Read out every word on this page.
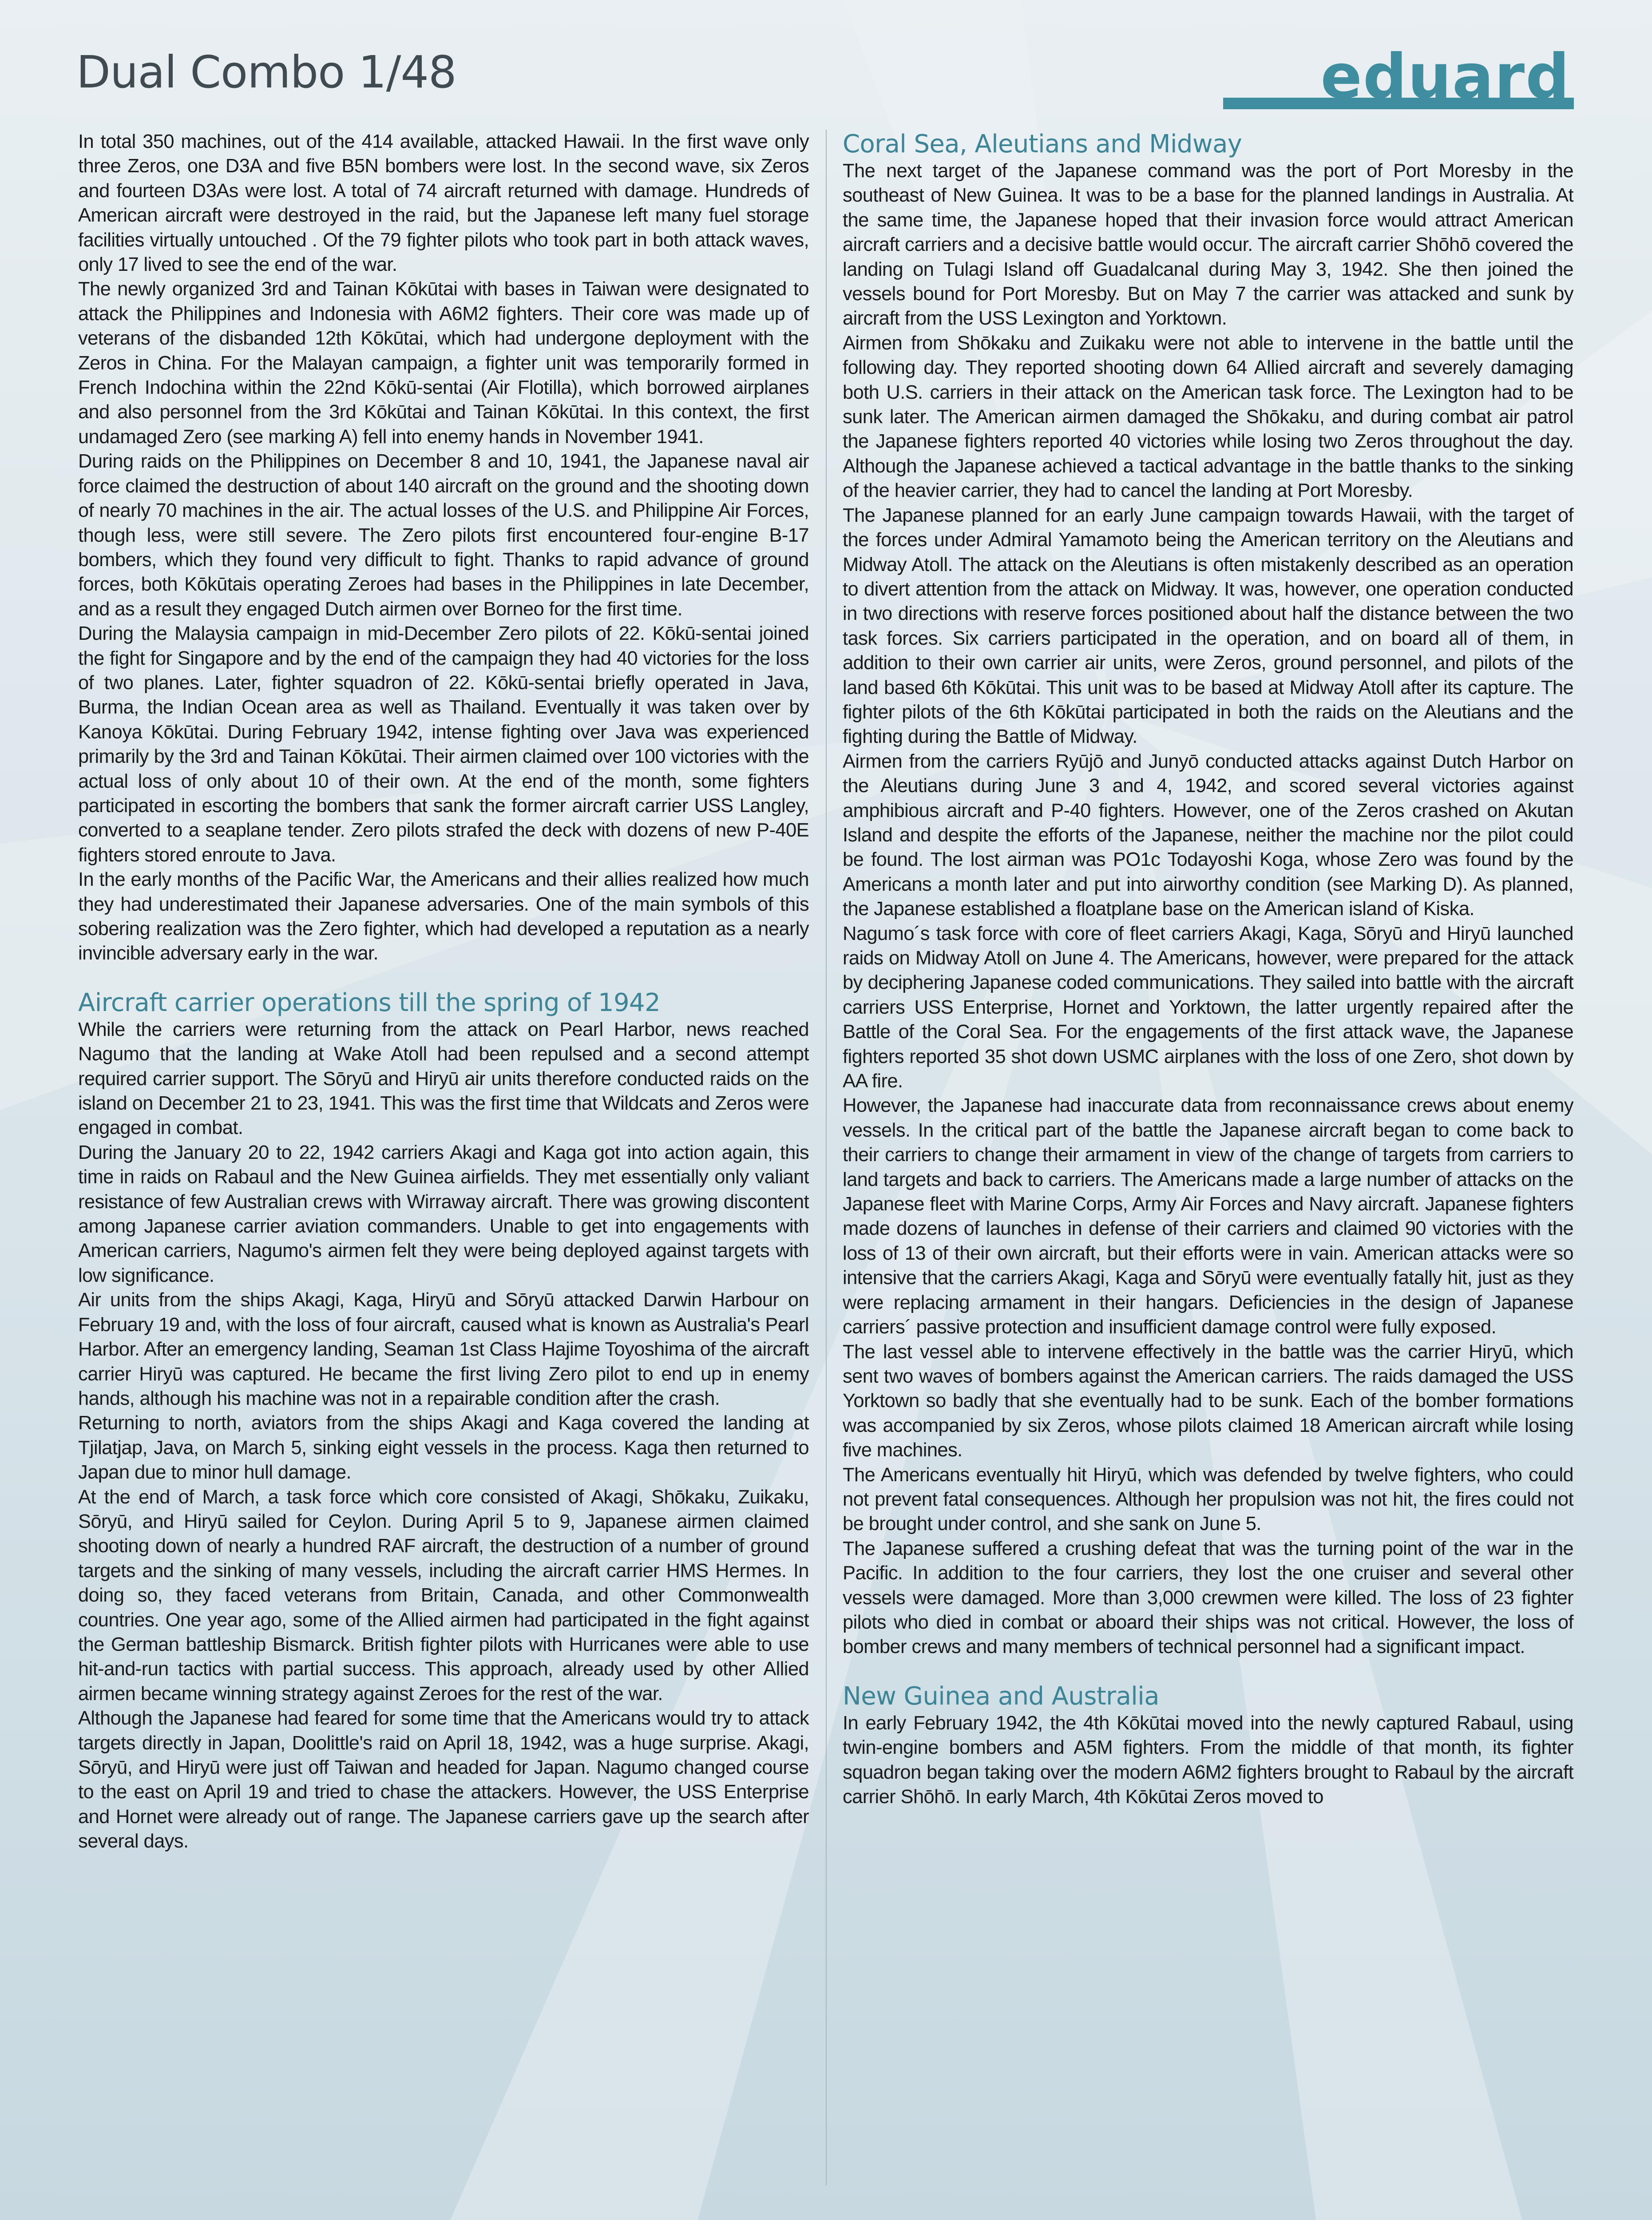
Dual Combo 1/48	eduard

In total 350 machines, out of the 414 available, attacked Hawaii. In the first wave only three Zeros, one D3A and five B5N bombers were lost. In the second wave, six Zeros and fourteen D3As were lost. A total of 74 aircraft returned with damage. Hundreds of American aircraft were destroyed in the raid, but the Japanese left many fuel storage facilities virtually untouched . Of the 79 fighter pilots who took part in both attack waves, only 17 lived to see the end of the war.

The newly organized 3rd and Tainan Kōkūtai with bases in Taiwan were designated to attack the Philippines and Indonesia with A6M2 fighters. Their core was made up of veterans of the disbanded 12th Kōkūtai, which had undergone deployment with the Zeros in China. For the Malayan campaign, a fighter unit was temporarily formed in French Indochina within the 22nd Kōkū-sentai (Air Flotilla), which borrowed airplanes and also personnel from the 3rd Kōkūtai and Tainan Kōkūtai. In this context, the first undamaged Zero (see marking A) fell into enemy hands in November 1941.

During raids on the Philippines on December 8 and 10, 1941, the Japanese naval air force claimed the destruction of about 140 aircraft on the ground and the shooting down of nearly 70 machines in the air. The actual losses of the U.S. and Philippine Air Forces, though less, were still severe. The Zero pilots first encountered four-engine B-17 bombers, which they found very difficult to fight. Thanks to rapid advance of ground forces, both Kōkūtais operating Zeroes had bases in the Philippines in late December, and as a result they engaged Dutch airmen over Borneo for the first time.

During the Malaysia campaign in mid-December Zero pilots of 22. Kōkū-sentai joined the fight for Singapore and by the end of the campaign they had 40 victories for the loss of two planes. Later, fighter squadron of 22. Kōkū-sentai briefly operated in Java, Burma, the Indian Ocean area as well as Thailand. Eventually it was taken over by Kanoya Kōkūtai. During February 1942, intense fighting over Java was experienced primarily by the 3rd and Tainan Kōkūtai. Their airmen claimed over 100 victories with the actual loss of only about 10 of their own. At the end of the month, some fighters participated in escorting the bombers that sank the former aircraft carrier USS Langley, converted to a seaplane tender. Zero pilots strafed the deck with dozens of new P-40E fighters stored enroute to Java.

In the early months of the Pacific War, the Americans and their allies realized how much they had underestimated their Japanese adversaries. One of the main symbols of this sobering realization was the Zero fighter, which had developed a reputation as a nearly invincible adversary early in the war.

Aircraft carrier operations till the spring of 1942

While the carriers were returning from the attack on Pearl Harbor, news reached Nagumo that the landing at Wake Atoll had been repulsed and a second attempt required carrier support. The Sōryū and Hiryū air units therefore conducted raids on the island on December 21 to 23, 1941. This was the first time that Wildcats and Zeros were engaged in combat.

During the January 20 to 22, 1942 carriers Akagi and Kaga got into action again, this time in raids on Rabaul and the New Guinea airfields. They met essentially only valiant resistance of few Australian crews with Wirraway aircraft. There was growing discontent among Japanese carrier aviation commanders. Unable to get into engagements with American carriers, Nagumo's airmen felt they were being deployed against targets with low significance.

Air units from the ships Akagi, Kaga, Hiryū and Sōryū attacked Darwin Harbour on February 19 and, with the loss of four aircraft, caused what is known as Australia's Pearl Harbor. After an emergency landing, Seaman 1st Class Hajime Toyoshima of the aircraft carrier Hiryū was captured. He became the first living Zero pilot to end up in enemy hands, although his machine was not in a repairable condition after the crash.

Returning to north, aviators from the ships Akagi and Kaga covered the landing at Tjilatjap, Java, on March 5, sinking eight vessels in the process. Kaga then returned to Japan due to minor hull damage.

At the end of March, a task force which core consisted of Akagi, Shōkaku, Zuikaku, Sōryū, and Hiryū sailed for Ceylon. During April 5 to 9, Japanese airmen claimed shooting down of nearly a hundred RAF aircraft, the destruction of a number of ground targets and the sinking of many vessels, including the aircraft carrier HMS Hermes. In doing so, they faced veterans from Britain, Canada, and other Commonwealth countries. One year ago, some of the Allied airmen had participated in the fight against the German battleship Bismarck. British fighter pilots with Hurricanes were able to use hit-and-run tactics with partial success. This approach, already used by other Allied airmen became winning strategy against Zeroes for the rest of the war.

Although the Japanese had feared for some time that the Americans would try to attack targets directly in Japan, Doolittle's raid on April 18, 1942, was a huge surprise. Akagi, Sōryū, and Hiryū were just off Taiwan and headed for Japan. Nagumo changed course to the east on April 19 and tried to chase the attackers. However, the USS Enterprise and Hornet were already out of range. The Japanese carriers gave up the search after several days.

Coral Sea, Aleutians and Midway

The next target of the Japanese command was the port of Port Moresby in the southeast of New Guinea. It was to be a base for the planned landings in Australia. At the same time, the Japanese hoped that their invasion force would attract American aircraft carriers and a decisive battle would occur. The aircraft carrier Shōhō covered the landing on Tulagi Island off Guadalcanal during May 3, 1942. She then joined the vessels bound for Port Moresby. But on May 7 the carrier was attacked and sunk by aircraft from the USS Lexington and Yorktown.

Airmen from Shōkaku and Zuikaku were not able to intervene in the battle until the following day. They reported shooting down 64 Allied aircraft and severely damaging both U.S. carriers in their attack on the American task force. The Lexington had to be sunk later. The American airmen damaged the Shōkaku, and during combat air patrol the Japanese fighters reported 40 victories while losing two Zeros throughout the day. Although the Japanese achieved a tactical advantage in the battle thanks to the sinking of the heavier carrier, they had to cancel the landing at Port Moresby.

The Japanese planned for an early June campaign towards Hawaii, with the target of the forces under Admiral Yamamoto being the American territory on the Aleutians and Midway Atoll. The attack on the Aleutians is often mistakenly described as an operation to divert attention from the attack on Midway. It was, however, one operation conducted in two directions with reserve forces positioned about half the distance between the two task forces. Six carriers participated in the operation, and on board all of them, in addition to their own carrier air units, were Zeros, ground personnel, and pilots of the land based 6th Kōkūtai. This unit was to be based at Midway Atoll after its capture. The fighter pilots of the 6th Kōkūtai participated in both the raids on the Aleutians and the fighting during the Battle of Midway.

Airmen from the carriers Ryūjō and Junyō conducted attacks against Dutch Harbor on the Aleutians during June 3 and 4, 1942, and scored several victories against amphibious aircraft and P-40 fighters. However, one of the Zeros crashed on Akutan Island and despite the efforts of the Japanese, neither the machine nor the pilot could be found. The lost airman was PO1c Todayoshi Koga, whose Zero was found by the Americans a month later and put into airworthy condition (see Marking D). As planned, the Japanese established a floatplane base on the American island of Kiska.

Nagumo´s task force with core of fleet carriers Akagi, Kaga, Sōryū and Hiryū launched raids on Midway Atoll on June 4. The Americans, however, were prepared for the attack by deciphering Japanese coded communications. They sailed into battle with the aircraft carriers USS Enterprise, Hornet and Yorktown, the latter urgently repaired after the Battle of the Coral Sea. For the engagements of the first attack wave, the Japanese fighters reported 35 shot down USMC airplanes with the loss of one Zero, shot down by AA fire.

However, the Japanese had inaccurate data from reconnaissance crews about enemy vessels. In the critical part of the battle the Japanese aircraft began to come back to their carriers to change their armament in view of the change of targets from carriers to land targets and back to carriers. The Americans made a large number of attacks on the Japanese fleet with Marine Corps, Army Air Forces and Navy aircraft. Japanese fighters made dozens of launches in defense of their carriers and claimed 90 victories with the loss of 13 of their own aircraft, but their efforts were in vain. American attacks were so intensive that the carriers Akagi, Kaga and Sōryū were eventually fatally hit, just as they were replacing armament in their hangars. Deficiencies in the design of Japanese carriers´ passive protection and insufficient damage control were fully exposed.

The last vessel able to intervene effectively in the battle was the carrier Hiryū, which sent two waves of bombers against the American carriers. The raids damaged the USS Yorktown so badly that she eventually had to be sunk. Each of the bomber formations was accompanied by six Zeros, whose pilots claimed 18 American aircraft while losing five machines.

The Americans eventually hit Hiryū, which was defended by twelve fighters, who could not prevent fatal consequences. Although her propulsion was not hit, the fires could not be brought under control, and she sank on June 5.

The Japanese suffered a crushing defeat that was the turning point of the war in the Pacific. In addition to the four carriers, they lost the one cruiser and several other vessels were damaged. More than 3,000 crewmen were killed. The loss of 23 fighter pilots who died in combat or aboard their ships was not critical. However, the loss of bomber crews and many members of technical personnel had a significant impact.

New Guinea and Australia

In early February 1942, the 4th Kōkūtai moved into the newly captured Rabaul, using twin-engine bombers and A5M fighters. From the middle of that month, its fighter squadron began taking over the modern A6M2 fighters brought to Rabaul by the aircraft carrier Shōhō. In early March, 4th Kōkūtai Zeros moved to
